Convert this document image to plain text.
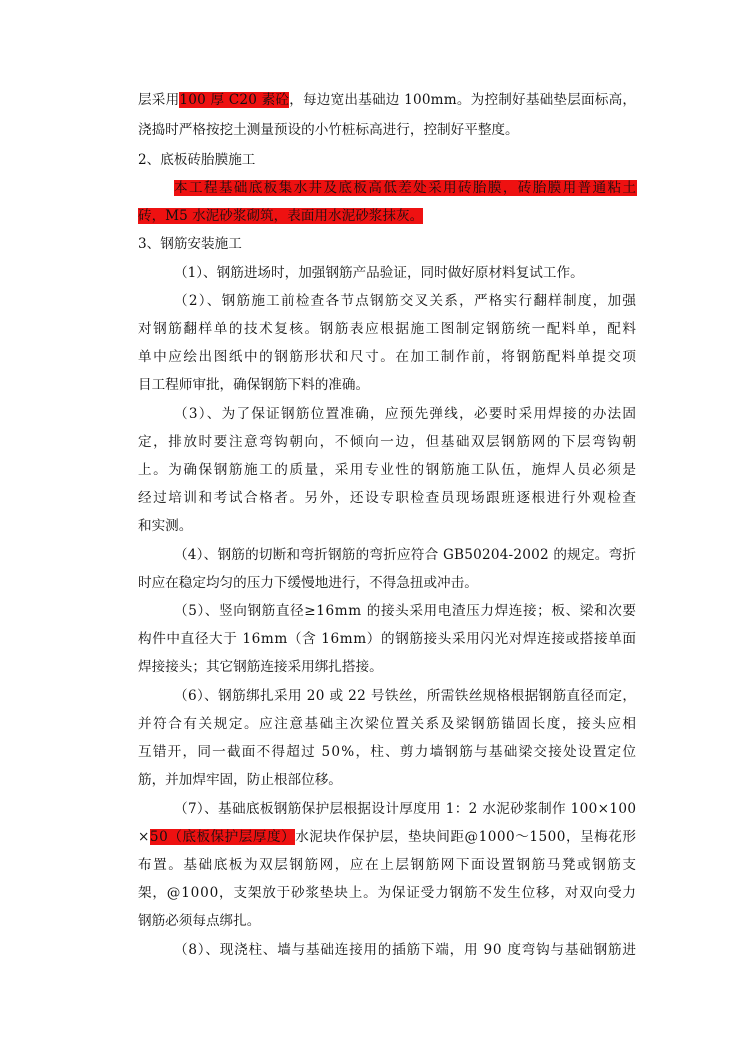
层采用100 厚 C20 素砼，每边宽出基础边 100mm。为控制好基础垫层面标高，
浇捣时严格按挖土测量预设的小竹桩标高进行，控制好平整度。
2、底板砖胎膜施工
本工程基础底板集水井及底板高低差处采用砖胎膜，砖胎膜用普通粘土
砖，M5 水泥砂浆砌筑，表面用水泥砂浆抹灰。
3、钢筋安装施工
（1）、钢筋进场时，加强钢筋产品验证，同时做好原材料复试工作。
（2）、钢筋施工前检查各节点钢筋交叉关系，严格实行翻样制度，加强
对钢筋翻样单的技术复核。钢筋表应根据施工图制定钢筋统一配料单，配料
单中应绘出图纸中的钢筋形状和尺寸。在加工制作前，将钢筋配料单提交项
目工程师审批，确保钢筋下料的准确。
（3）、为了保证钢筋位置准确，应预先弹线，必要时采用焊接的办法固
定，排放时要注意弯钩朝向，不倾向一边，但基础双层钢筋网的下层弯钩朝
上。为确保钢筋施工的质量，采用专业性的钢筋施工队伍，施焊人员必须是
经过培训和考试合格者。另外，还设专职检查员现场跟班逐根进行外观检查
和实测。
（4）、钢筋的切断和弯折钢筋的弯折应符合 GB50204-2002 的规定。弯折
时应在稳定均匀的压力下缓慢地进行，不得急扭或冲击。
（5）、竖向钢筋直径≥16mm 的接头采用电渣压力焊连接；板、梁和次要
构件中直径大于 16mm（含 16mm）的钢筋接头采用闪光对焊连接或搭接单面
焊接接头；其它钢筋连接采用绑扎搭接。
（6）、钢筋绑扎采用 20 或 22 号铁丝，所需铁丝规格根据钢筋直径而定，
并符合有关规定。应注意基础主次梁位置关系及梁钢筋锚固长度，接头应相
互错开，同一截面不得超过 50%，柱、剪力墙钢筋与基础梁交接处设置定位
筋，并加焊牢固，防止根部位移。
（7）、基础底板钢筋保护层根据设计厚度用 1：2 水泥砂浆制作 100×100
×50（底板保护层厚度）水泥块作保护层，垫块间距@1000～1500，呈梅花形
布置。基础底板为双层钢筋网，应在上层钢筋网下面设置钢筋马凳或钢筋支
架，@1000，支架放于砂浆垫块上。为保证受力钢筋不发生位移，对双向受力
钢筋必须每点绑扎。
（8）、现浇柱、墙与基础连接用的插筋下端，用 90 度弯钩与基础钢筋进
